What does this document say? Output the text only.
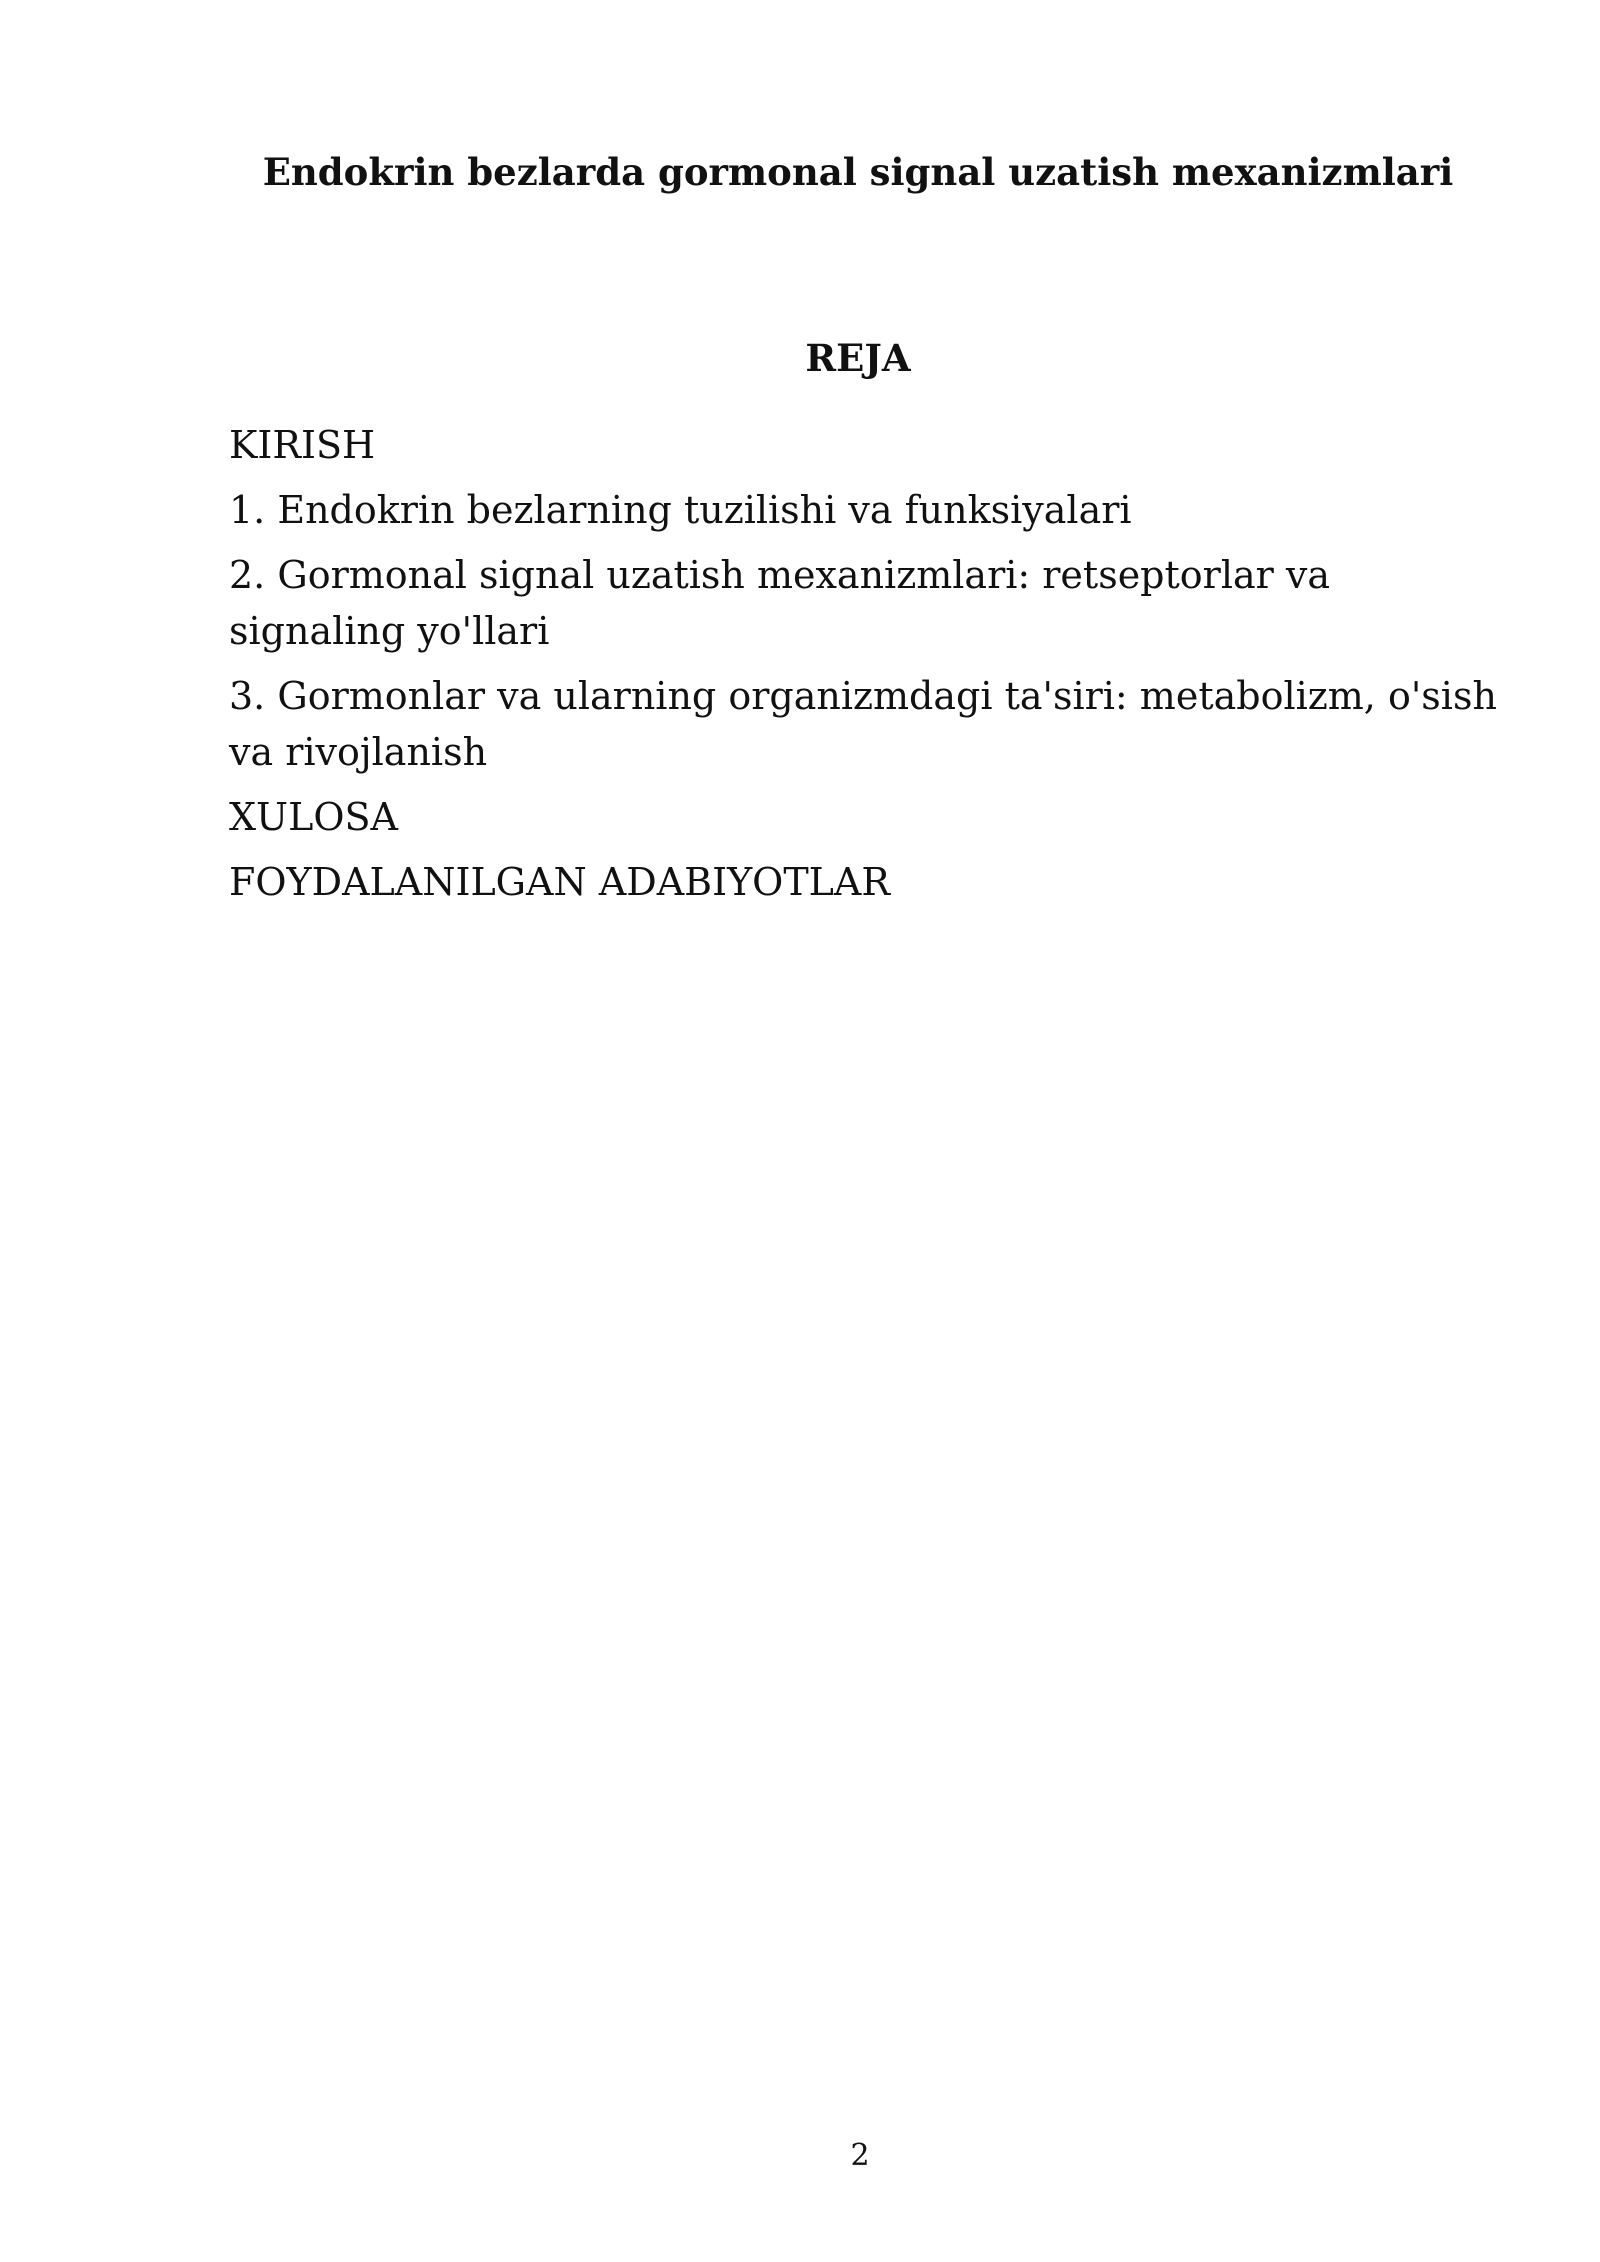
Endokrin bezlarda gormonal signal uzatish mexanizmlari
REJA
KIRISH
1. Endokrin bezlarning tuzilishi va funksiyalari
2. Gormonal signal uzatish mexanizmlari: retseptorlar va signaling yo'llari
3. Gormonlar va ularning organizmdagi ta'siri: metabolizm, o'sish va rivojlanish
XULOSA
FOYDALANILGAN ADABIYOTLAR
2
